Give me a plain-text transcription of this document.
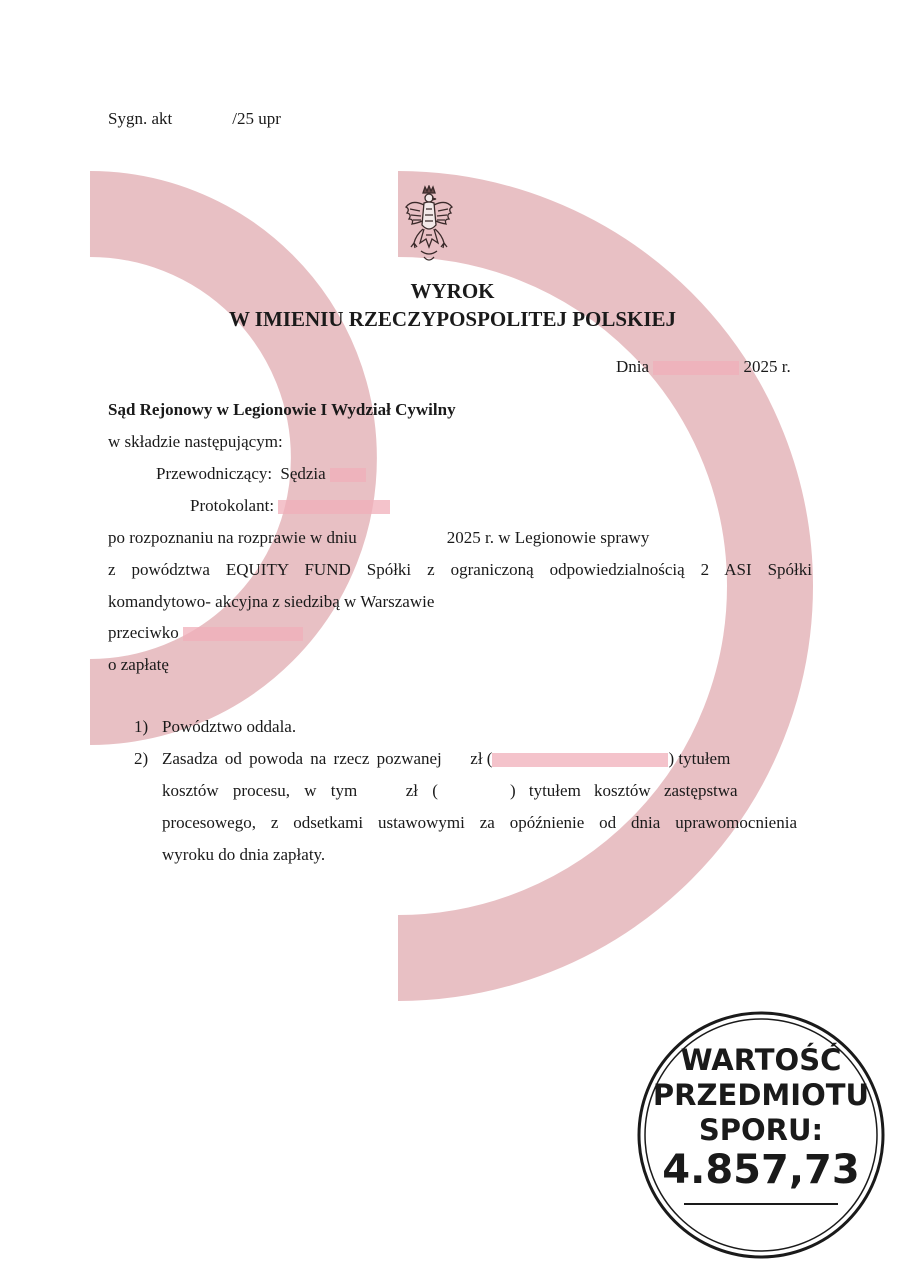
Sygn. akt	/25 upr
WYROK
W IMIENIU RZECZYPOSPOLITEJ POLSKIEJ
Dnia	2025 r.
Sąd Rejonowy w Legionowie I Wydział Cywilny
w składzie następującym:
Przewodniczący: Sędzia
Protokolant:
po rozpoznaniu na rozprawie w dniu	2025 r. w Legionowie sprawy
z powództwa EQUITY FUND Spółki z ograniczoną odpowiedzialnością 2 ASI Spółki
komandytowo- akcyjna z siedzibą w Warszawie
przeciwko
o zapłatę
1) Powództwo oddala.
2) Zasadza od powoda na rzecz pozwanej zł (	) tytułem
kosztów procesu, w tym	zł (	) tytułem kosztów zastępstwa
procesowego, z odsetkami ustawowymi za opóźnienie od dnia uprawomocnienia
wyroku do dnia zapłaty.
WARTOŚĆ
PRZEDMIOTU
SPORU:
4.857,73
